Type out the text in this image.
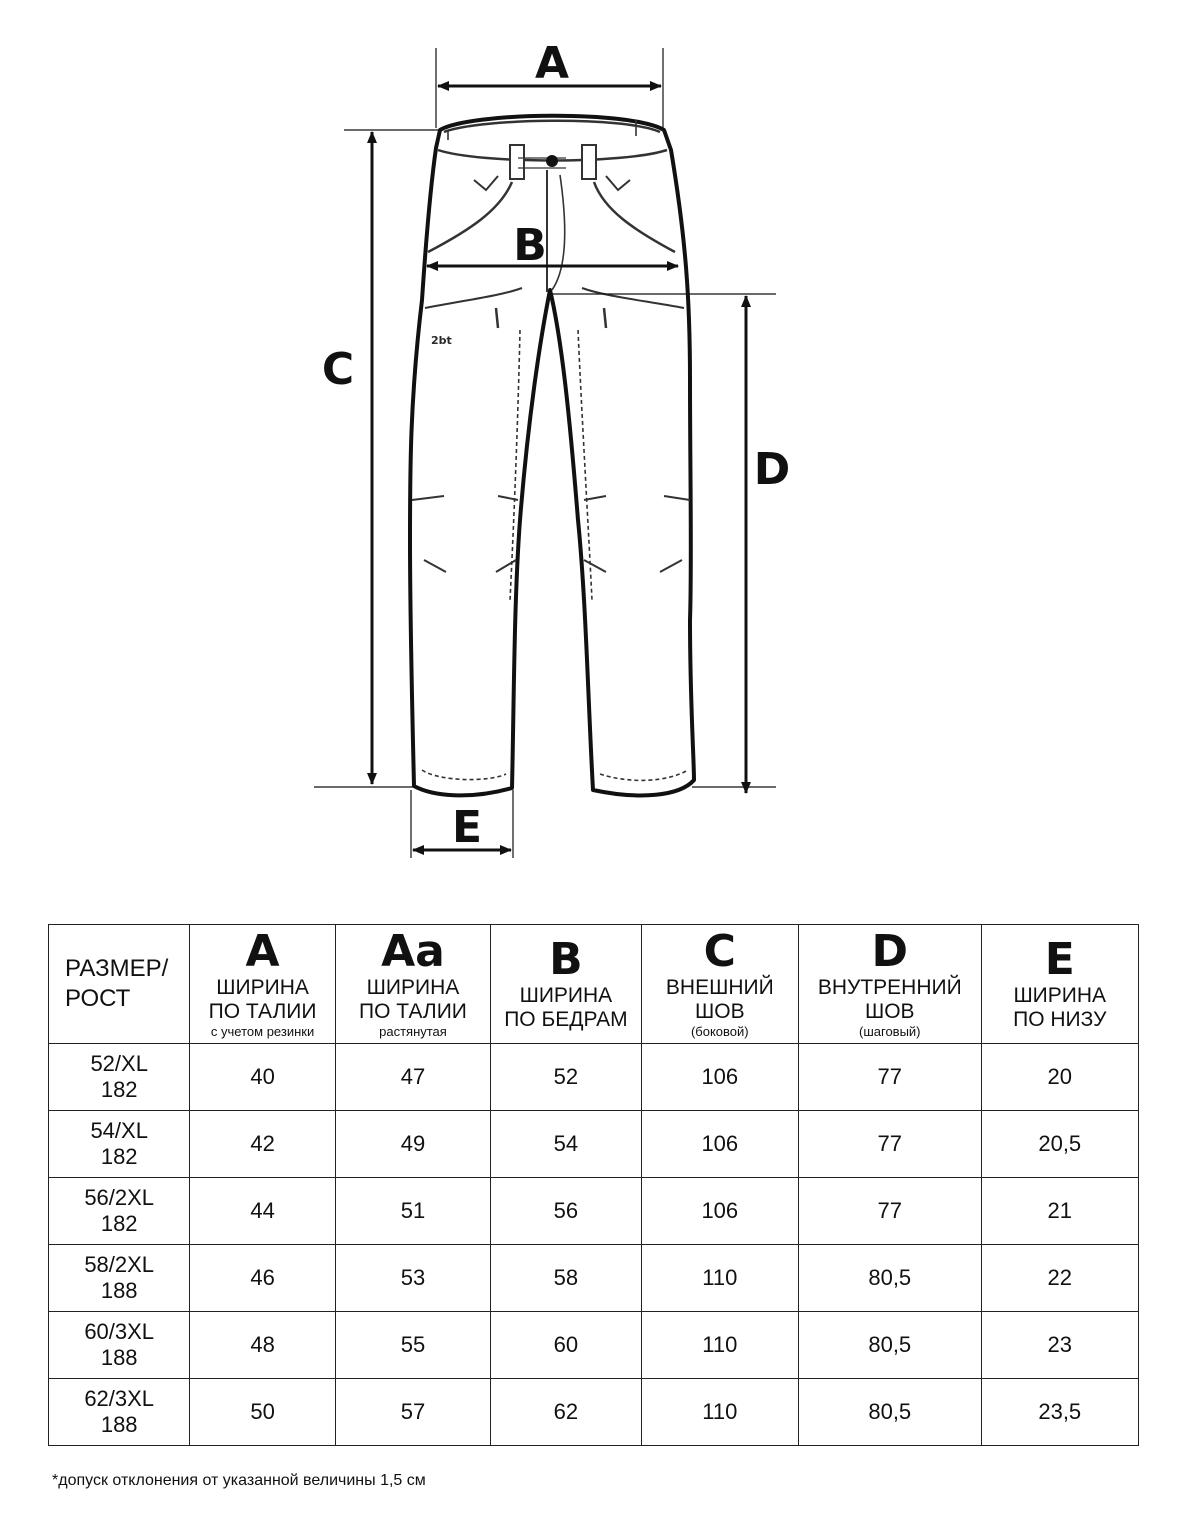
2bt
A
B
C
D
E
РАЗМЕР/
РОСТ	A
ШИРИНА
ПО ТАЛИИ
с учетом резинки	Aa
ШИРИНА
ПО ТАЛИИ
растянутая	B
ШИРИНА
ПО БЕДРАМ	C
ВНЕШНИЙ
ШОВ
(боковой)	D
ВНУТРЕННИЙ
ШОВ
(шаговый)	E
ШИРИНА
ПО НИЗУ

52/XL
182	40	47	52	106	77	20

54/XL
182	42	49	54	106	77	20,5

56/2XL
182	44	51	56	106	77	21

58/2XL
188	46	53	58	110	80,5	22

60/3XL
188	48	55	60	110	80,5	23

62/3XL
188	50	57	62	110	80,5	23,5
*допуск отклонения от указанной величины 1,5 см
